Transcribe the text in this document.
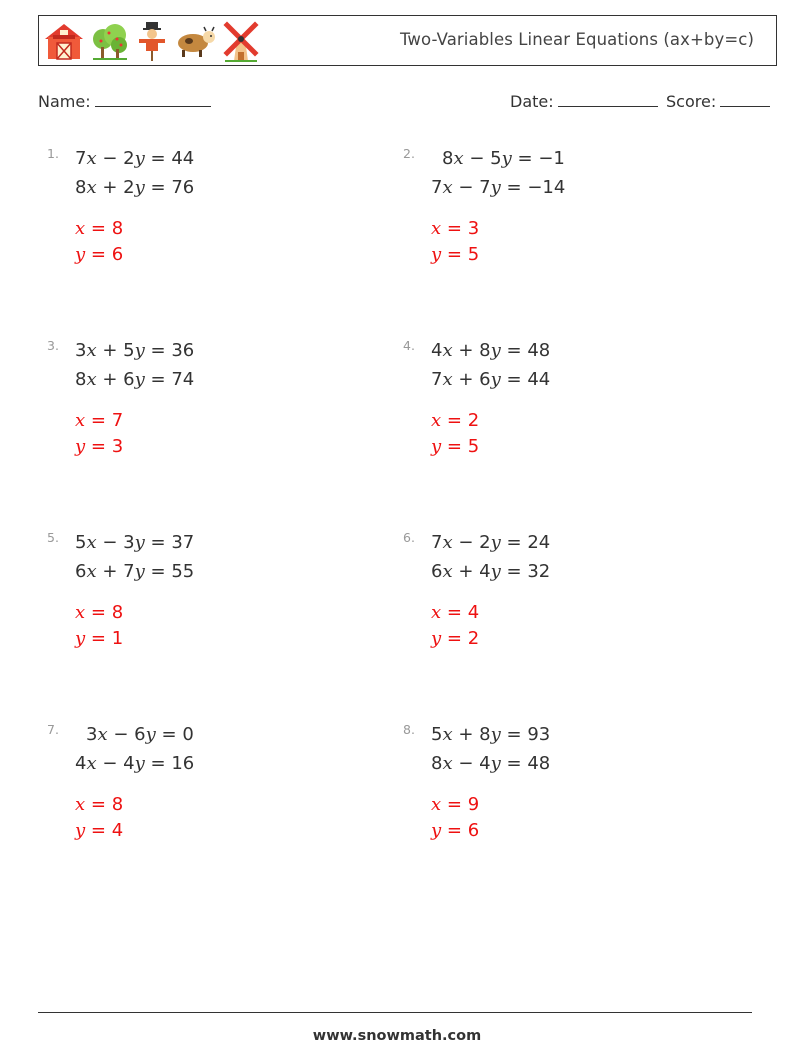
Two-Variables Linear Equations (ax+by=c)
Name:	Date:	Score:
1. 7x − 2y = 44
8x + 2y = 76
x = 8
y = 6
2. 8x − 5y = −1
7x − 7y = −14
x = 3
y = 5
3. 3x + 5y = 36
8x + 6y = 74
x = 7
y = 3
4. 4x + 8y = 48
7x + 6y = 44
x = 2
y = 5
5. 5x − 3y = 37
6x + 7y = 55
x = 8
y = 1
6. 7x − 2y = 24
6x + 4y = 32
x = 4
y = 2
7. 3x − 6y = 0
4x − 4y = 16
x = 8
y = 4
8. 5x + 8y = 93
8x − 4y = 48
x = 9
y = 6
www.snowmath.com
